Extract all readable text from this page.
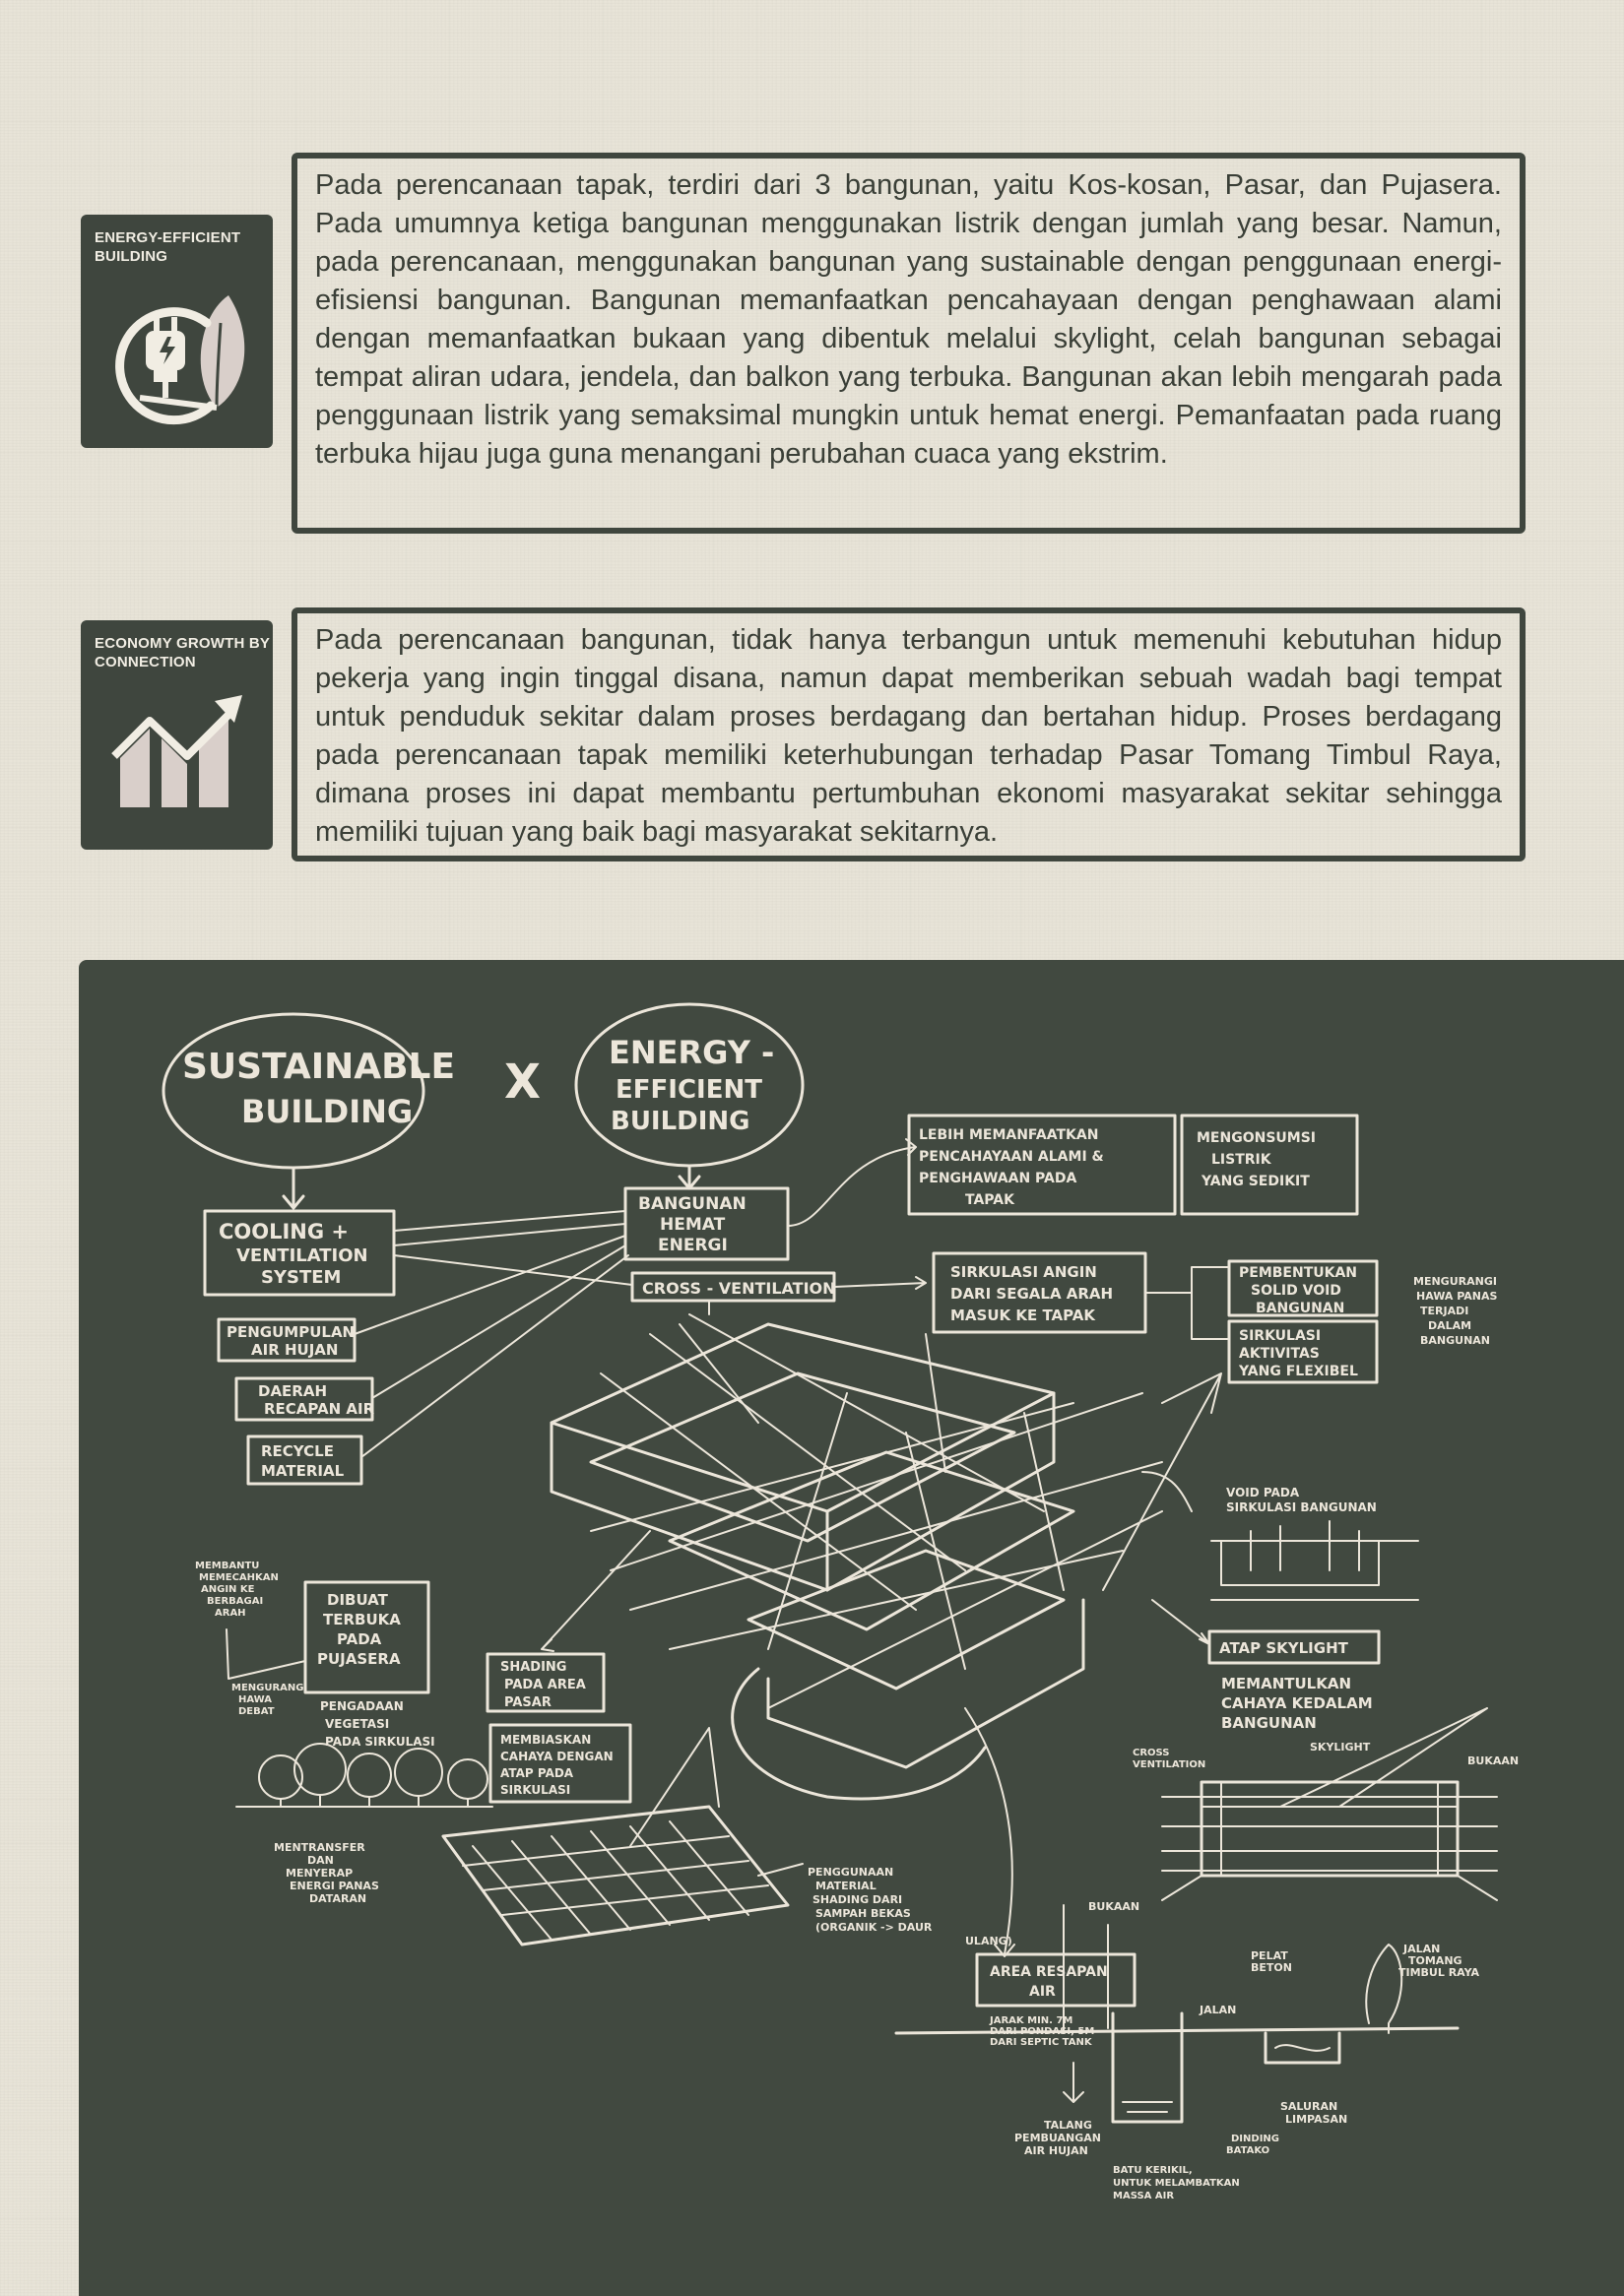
ENERGY-EFFICIENT BUILDING

Pada perencanaan tapak, terdiri dari 3 bangunan, yaitu Kos-kosan, Pasar, dan Pujasera. Pada umumnya ketiga bangunan menggunakan listrik dengan jumlah yang besar. Namun, pada perencanaan, menggunakan bangunan yang sustainable dengan penggunaan energi-efisiensi bangunan. Bangunan memanfaatkan pencahayaan dengan penghawaan alami dengan memanfaatkan bukaan yang dibentuk melalui skylight, celah bangunan sebagai tempat aliran udara, jendela, dan balkon yang terbuka. Bangunan akan lebih mengarah pada penggunaan listrik yang semaksimal mungkin untuk hemat energi. Pemanfaatan pada ruang terbuka hijau juga guna menangani perubahan cuaca yang ekstrim.

ECONOMY GROWTH BY CONNECTION

Pada perencanaan bangunan, tidak hanya terbangun untuk memenuhi kebutuhan hidup pekerja yang ingin tinggal disana, namun dapat memberikan sebuah wadah bagi tempat untuk penduduk sekitar dalam proses berdagang dan bertahan hidup. Proses berdagang pada perencanaan tapak memiliki keterhubungan terhadap Pasar Tomang Timbul Raya, dimana proses ini dapat membantu pertumbuhan ekonomi masyarakat sekitar sehingga memiliki tujuan yang baik bagi masyarakat sekitarnya.

SUSTAINABLE
BUILDING
X
ENERGY -
EFFICIENT
BUILDING
BANGUNAN
HEMAT
ENERGI
COOLING +
VENTILATION
SYSTEM
PENGUMPULAN
AIR HUJAN
DAERAH
RECAPAN AIR
RECYCLE
MATERIAL
CROSS - VENTILATION
LEBIH MEMANFAATKAN
PENCAHAYAAN ALAMI &
PENGHAWAAN PADA
TAPAK
MENGONSUMSI
LISTRIK
YANG SEDIKIT
SIRKULASI ANGIN
DARI SEGALA ARAH
MASUK KE TAPAK
PEMBENTUKAN
SOLID VOID
BANGUNAN
SIRKULASI
AKTIVITAS
YANG FLEXIBEL
MENGURANGI
HAWA PANAS
TERJADI
DALAM
BANGUNAN
VOID PADA
SIRKULASI BANGUNAN
ATAP SKYLIGHT
MEMANTULKAN
CAHAYA KEDALAM
BANGUNAN
SKYLIGHT
CROSS
VENTILATION	BUKAAN
DIBUAT
TERBUKA
PADA
PUJASERA
MEMBANTU
MEMECAHKAN
ANGIN KE
BERBAGAI
ARAH
MENGURANGI
HAWA
DEBAT	PENGADAAN
VEGETASI
PADA SIRKULASI
MENTRANSFER
DAN
MENYERAP
ENERGI PANAS
DATARAN
SHADING
PADA AREA
PASAR
MEMBIASKAN
CAHAYA DENGAN
ATAP PADA
SIRKULASI
PENGGUNAAN
MATERIAL
SHADING DARI
SAMPAH BEKAS
(ORGANIK -> DAUR
ULANG)
AREA RESAPAN
AIR
JARAK MIN. 7M
DARI PONDASI, 5M
DARI SEPTIC TANK
BUKAAN
PELAT
BETON
JALAN
TOMANG
TIMBUL RAYA
JALAN
TALANG
PEMBUANGAN
AIR HUJAN
BATU KERIKIL,
UNTUK MELAMBATKAN
MASSA AIR
DINDING
BATAKO
SALURAN
LIMPASAN
